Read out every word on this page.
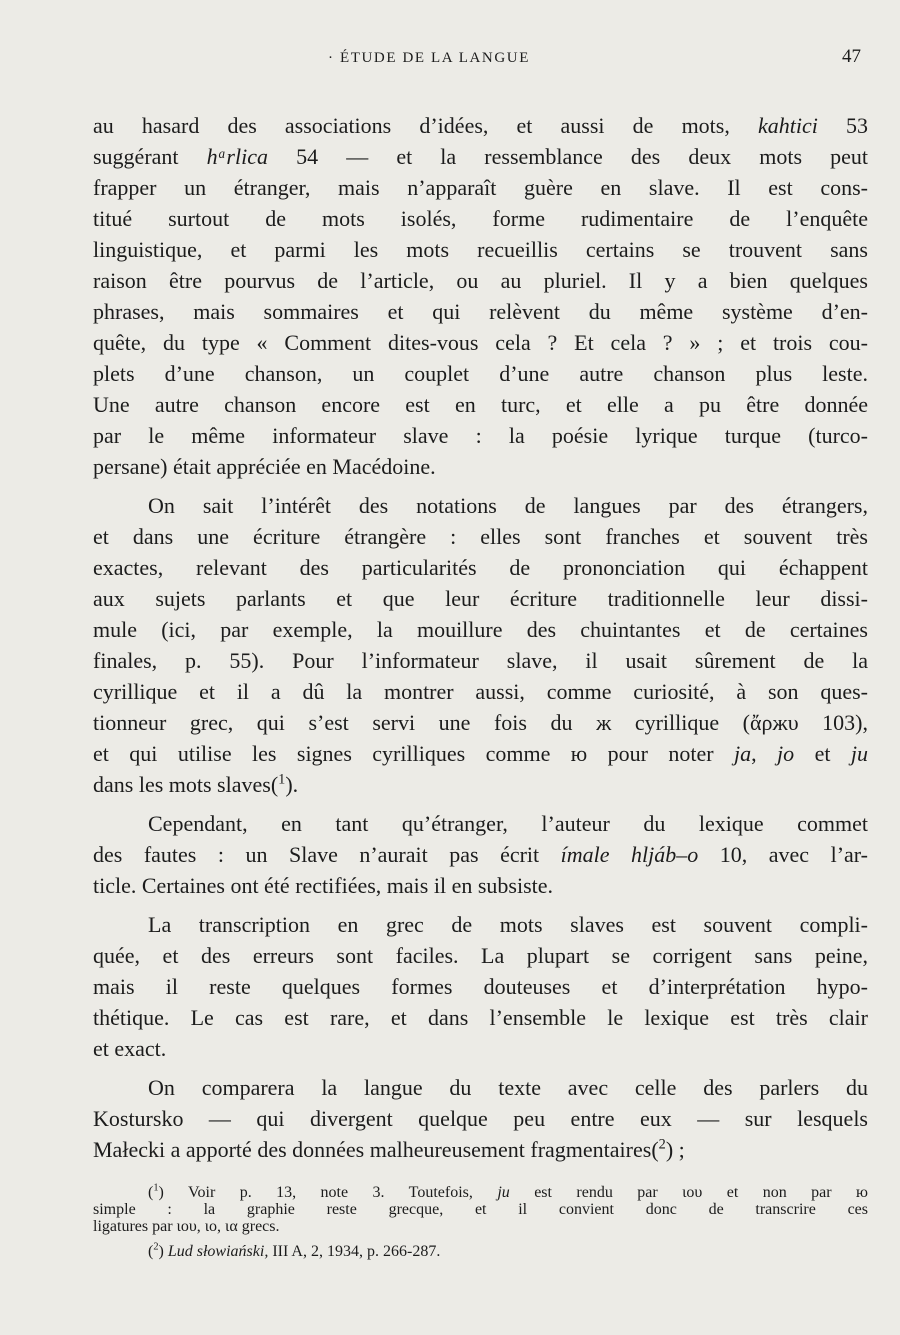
· ÉTUDE DE LA LANGUE	47
au hasard des associations d’idées, et aussi de mots, kahtici 53
suggérant hᵃrlica 54 — et la ressemblance des deux mots peut
frapper un étranger, mais n’apparaît guère en slave. Il est cons-
titué surtout de mots isolés, forme rudimentaire de l’enquête
linguistique, et parmi les mots recueillis certains se trouvent sans
raison être pourvus de l’article, ou au pluriel. Il y a bien quelques
phrases, mais sommaires et qui relèvent du même système d’en-
quête, du type « Comment dites-vous cela ? Et cela ? » ; et trois cou-
plets d’une chanson, un couplet d’une autre chanson plus leste.
Une autre chanson encore est en turc, et elle a pu être donnée
par le même informateur slave : la poésie lyrique turque (turco-
persane) était appréciée en Macédoine.
On sait l’intérêt des notations de langues par des étrangers,
et dans une écriture étrangère : elles sont franches et souvent très
exactes, relevant des particularités de prononciation qui échappent
aux sujets parlants et que leur écriture traditionnelle leur dissi-
mule (ici, par exemple, la mouillure des chuintantes et de certaines
finales, p. 55). Pour l’informateur slave, il usait sûrement de la
cyrillique et il a dû la montrer aussi, comme curiosité, à son ques-
tionneur grec, qui s’est servi une fois du ж cyrillique (ἄρжυ 103),
et qui utilise les signes cyrilliques comme ю pour noter ja, jo et ju
dans les mots slaves($^1$).
Cependant, en tant qu’étranger, l’auteur du lexique commet
des fautes : un Slave n’aurait pas écrit ímale hljáb–o 10, avec l’ar-
ticle. Certaines ont été rectifiées, mais il en subsiste.
La transcription en grec de mots slaves est souvent compli-
quée, et des erreurs sont faciles. La plupart se corrigent sans peine,
mais il reste quelques formes douteuses et d’interprétation hypo-
thétique. Le cas est rare, et dans l’ensemble le lexique est très clair
et exact.
On comparera la langue du texte avec celle des parlers du
Kostursko — qui divergent quelque peu entre eux — sur lesquels
Małecki a apporté des données malheureusement fragmentaires($^2$) ;
($^1$) Voir p. 13, note 3. Toutefois, ju est rendu par ιoυ et non par ю
simple : la graphie reste grecque, et il convient donc de transcrire ces
ligatures par ιoυ, ιo, ια grecs.
($^2$) Lud słowiański, III A, 2, 1934, p. 266-287.
